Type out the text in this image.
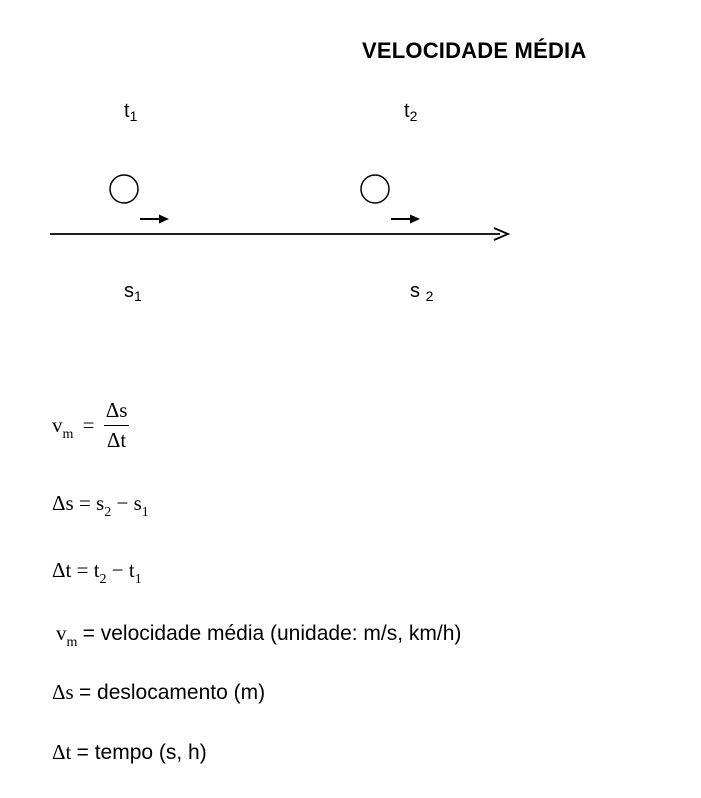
VELOCIDADE MÉDIA
$t_1$	$t_2$
$s_1$	s $_2$
$v_m = \frac{\Delta s}{\Delta t}$
$\Delta s = s_2 - s_1$
$\Delta t = t_2 - t_1$
$v_m$ = velocidade média (unidade: m/s, km/h)
Δs = deslocamento (m)
Δt = tempo (s, h)
